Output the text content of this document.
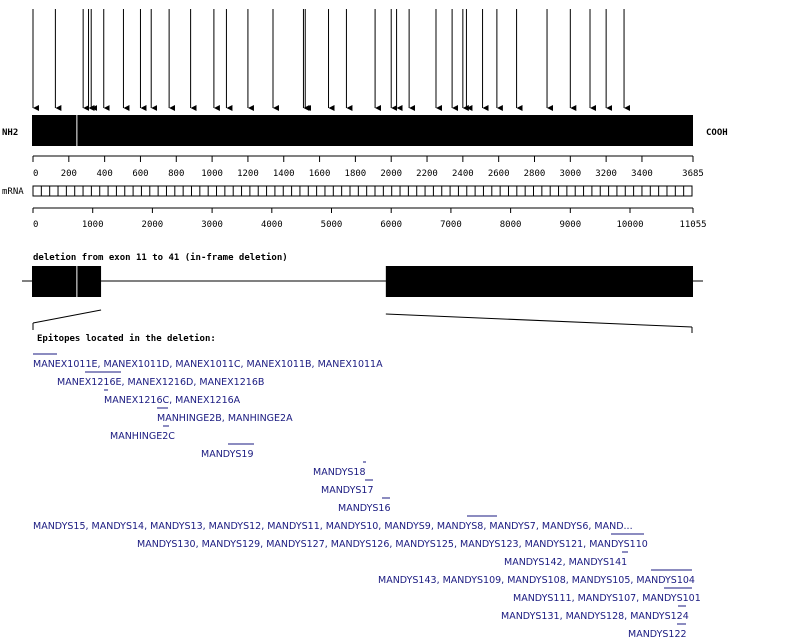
NH2	COOH
0 200 400 600 800 1000 1200 1400 1600 1800 2000 2200 2400 2600 2800 3000 3200 3400	3685
mRNA
0	1000	2000	3000	4000	5000	6000	7000	8000	9000	10000	11055
deletion from exon 11 to 41 (in-frame deletion)
Epitopes located in the deletion:
MANEX1011E, MANEX1011D, MANEX1011C, MANEX1011B, MANEX1011A
MANEX1216E, MANEX1216D, MANEX1216B
MANEX1216C, MANEX1216A
MANHINGE2B, MANHINGE2A
MANHINGE2C
MANDYS19
MANDYS18
MANDYS17
MANDYS16
MANDYS15, MANDYS14, MANDYS13, MANDYS12, MANDYS11, MANDYS10, MANDYS9, MANDYS8, MANDYS7, MANDYS6, MAND...
MANDYS130, MANDYS129, MANDYS127, MANDYS126, MANDYS125, MANDYS123, MANDYS121, MANDYS110
MANDYS142, MANDYS141
MANDYS143, MANDYS109, MANDYS108, MANDYS105, MANDYS104
MANDYS111, MANDYS107, MANDYS101
MANDYS131, MANDYS128, MANDYS124
MANDYS122
